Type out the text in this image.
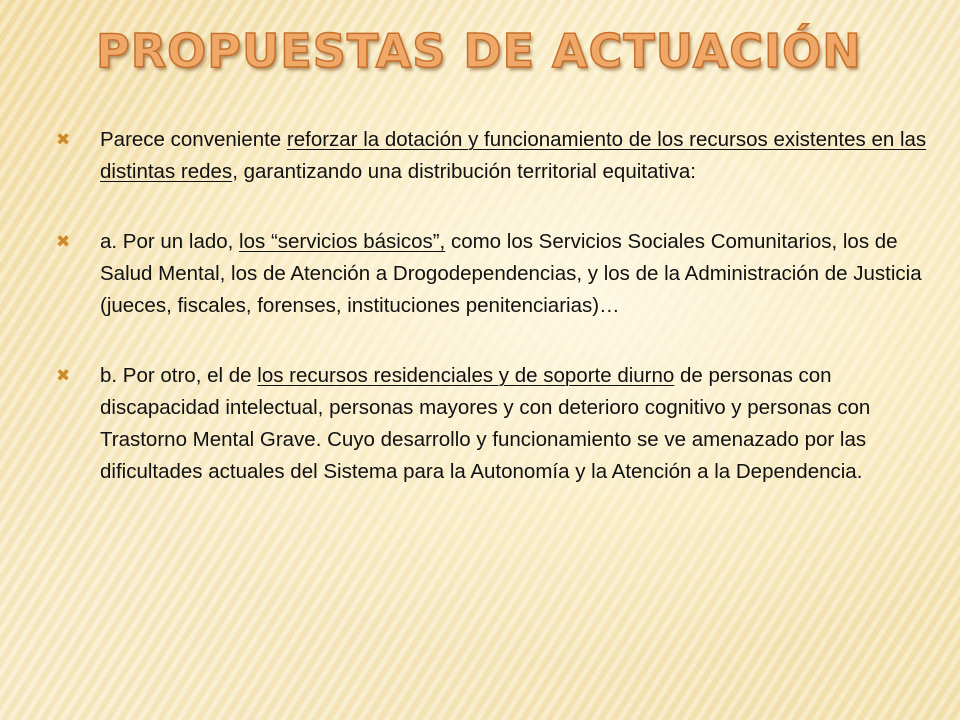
PROPUESTAS DE ACTUACIÓN
✖	Parece conveniente reforzar la dotación y funcionamiento de los recursos existentes en las distintas redes, garantizando una distribución territorial equitativa:
✖	a. Por un lado, los “servicios básicos”, como los Servicios Sociales Comunitarios, los de Salud Mental, los de Atención a Drogodependencias, y los de la Administración de Justicia (jueces, fiscales, forenses, instituciones penitenciarias)…
✖	b. Por otro, el de los recursos residenciales y de soporte diurno de personas con discapacidad intelectual, personas mayores y con deterioro cognitivo y personas con Trastorno Mental Grave. Cuyo desarrollo y funcionamiento se ve amenazado por las dificultades actuales del Sistema para la Autonomía y la Atención a la Dependencia.
